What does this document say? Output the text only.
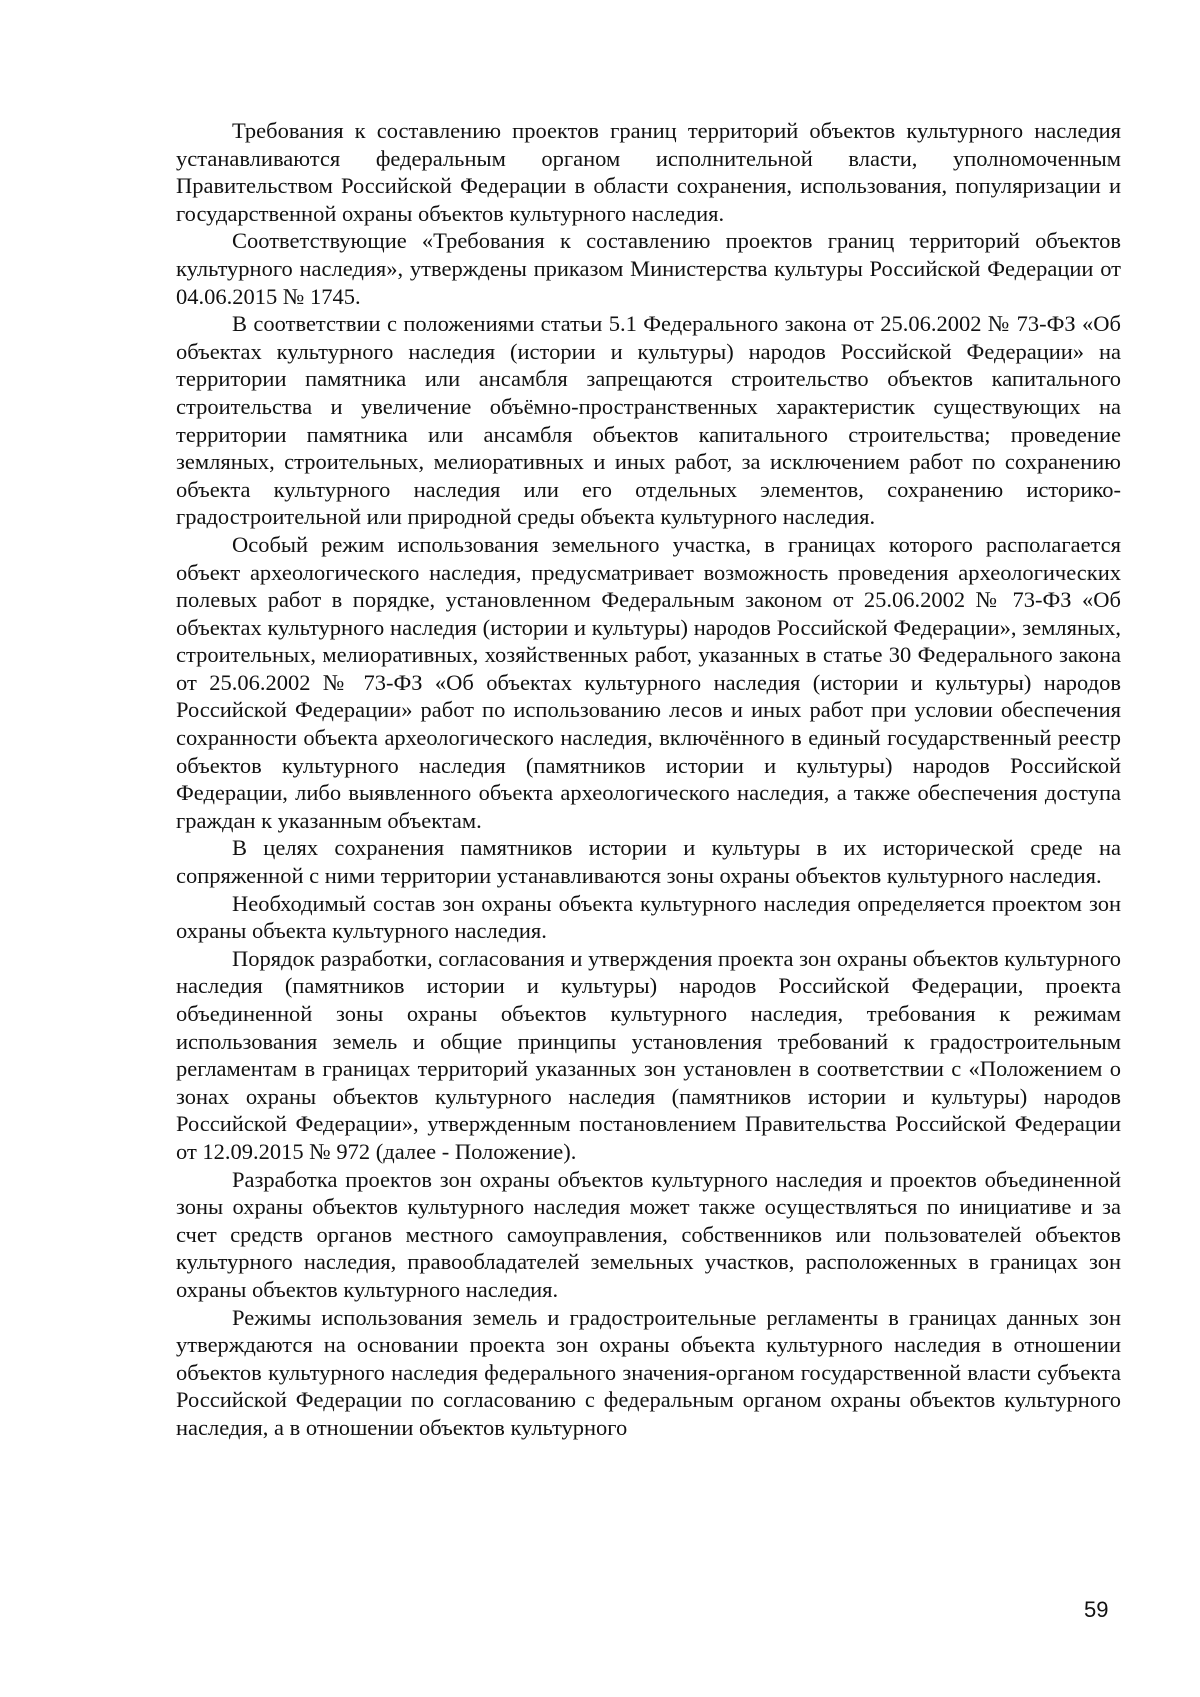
Требования к составлению проектов границ территорий объектов культурного наследия устанавливаются федеральным органом исполнительной власти, уполномоченным Правительством Российской Федерации в области сохранения, использования, популяризации и государственной охраны объектов культурного наследия.

Соответствующие «Требования к составлению проектов границ территорий объектов культурного наследия», утверждены приказом Министерства культуры Российской Федерации от 04.06.2015 № 1745.

В соответствии с положениями статьи 5.1 Федерального закона от 25.06.2002 № 73-ФЗ «Об объектах культурного наследия (истории и культуры) народов Российской Федерации» на территории памятника или ансамбля запрещаются строительство объектов капитального строительства и увеличение объёмно-пространственных характеристик существующих на территории памятника или ансамбля объектов капитального строительства; проведение земляных, строительных, мелиоративных и иных работ, за исключением работ по сохранению объекта культурного наследия или его отдельных элементов, сохранению историко-градостроительной или природной среды объекта культурного наследия.

Особый режим использования земельного участка, в границах которого располагается объект археологического наследия, предусматривает возможность проведения археологических полевых работ в порядке, установленном Федеральным законом от 25.06.2002 № 73-ФЗ «Об объектах культурного наследия (истории и культуры) народов Российской Федерации», земляных, строительных, мелиоративных, хозяйственных работ, указанных в статье 30 Федерального закона от 25.06.2002 № 73-ФЗ «Об объектах культурного наследия (истории и культуры) народов Российской Федерации» работ по использованию лесов и иных работ при условии обеспечения сохранности объекта археологического наследия, включённого в единый государственный реестр объектов культурного наследия (памятников истории и культуры) народов Российской Федерации, либо выявленного объекта археологического наследия, а также обеспечения доступа граждан к указанным объектам.

В целях сохранения памятников истории и культуры в их исторической среде на сопряженной с ними территории устанавливаются зоны охраны объектов культурного наследия.

Необходимый состав зон охраны объекта культурного наследия определяется проектом зон охраны объекта культурного наследия.

Порядок разработки, согласования и утверждения проекта зон охраны объектов культурного наследия (памятников истории и культуры) народов Российской Федерации, проекта объединенной зоны охраны объектов культурного наследия, требования к режимам использования земель и общие принципы установления требований к градостроительным регламентам в границах территорий указанных зон установлен в соответствии с «Положением о зонах охраны объектов культурного наследия (памятников истории и культуры) народов Российской Федерации», утвержденным постановлением Правительства Российской Федерации от 12.09.2015 № 972 (далее - Положение).

Разработка проектов зон охраны объектов культурного наследия и проектов объединенной зоны охраны объектов культурного наследия может также осуществляться по инициативе и за счет средств органов местного самоуправления, собственников или пользователей объектов культурного наследия, правообладателей земельных участков, расположенных в границах зон охраны объектов культурного наследия.

Режимы использования земель и градостроительные регламенты в границах данных зон утверждаются на основании проекта зон охраны объекта культурного наследия в отношении объектов культурного наследия федерального значения-органом государственной власти субъекта Российской Федерации по согласованию с федеральным органом охраны объектов культурного наследия, а в отношении объектов культурного

59
